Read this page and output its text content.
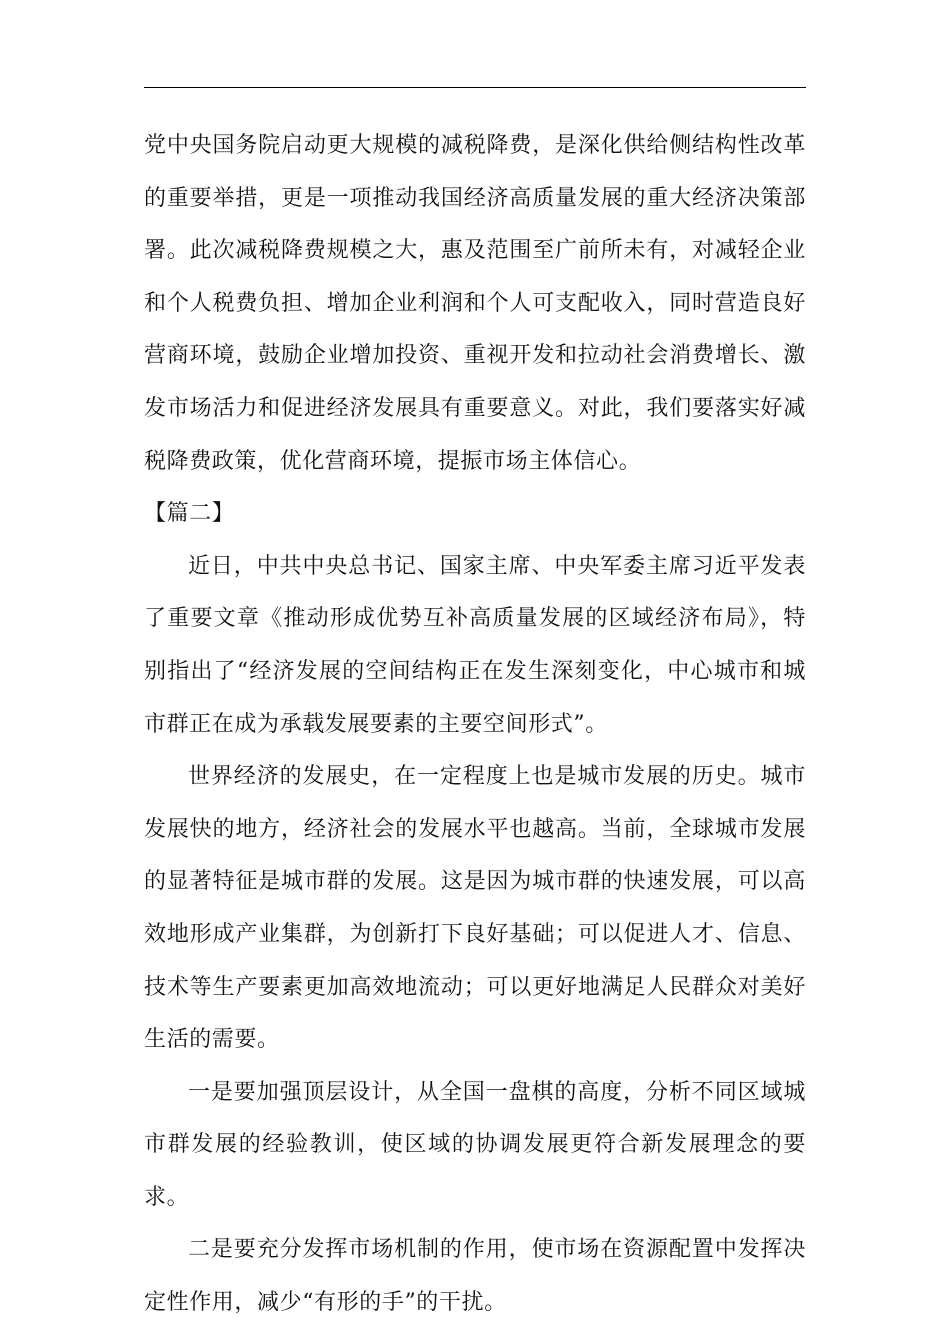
党中央国务院启动更大规模的减税降费，是深化供给侧结构性改革的重要举措，更是一项推动我国经济高质量发展的重大经济决策部署。此次减税降费规模之大，惠及范围至广前所未有，对减轻企业和个人税费负担、增加企业利润和个人可支配收入，同时营造良好营商环境，鼓励企业增加投资、重视开发和拉动社会消费增长、激发市场活力和促进经济发展具有重要意义。对此，我们要落实好减税降费政策，优化营商环境，提振市场主体信心。

【篇二】

近日，中共中央总书记、国家主席、中央军委主席习近平发表了重要文章《推动形成优势互补高质量发展的区域经济布局》，特别指出了“经济发展的空间结构正在发生深刻变化，中心城市和城市群正在成为承载发展要素的主要空间形式”。

世界经济的发展史，在一定程度上也是城市发展的历史。城市发展快的地方，经济社会的发展水平也越高。当前，全球城市发展的显著特征是城市群的发展。这是因为城市群的快速发展，可以高效地形成产业集群，为创新打下良好基础；可以促进人才、信息、技术等生产要素更加高效地流动；可以更好地满足人民群众对美好生活的需要。

一是要加强顶层设计，从全国一盘棋的高度，分析不同区域城市群发展的经验教训，使区域的协调发展更符合新发展理念的要求。

二是要充分发挥市场机制的作用，使市场在资源配置中发挥决定性作用，减少“有形的手”的干扰。
